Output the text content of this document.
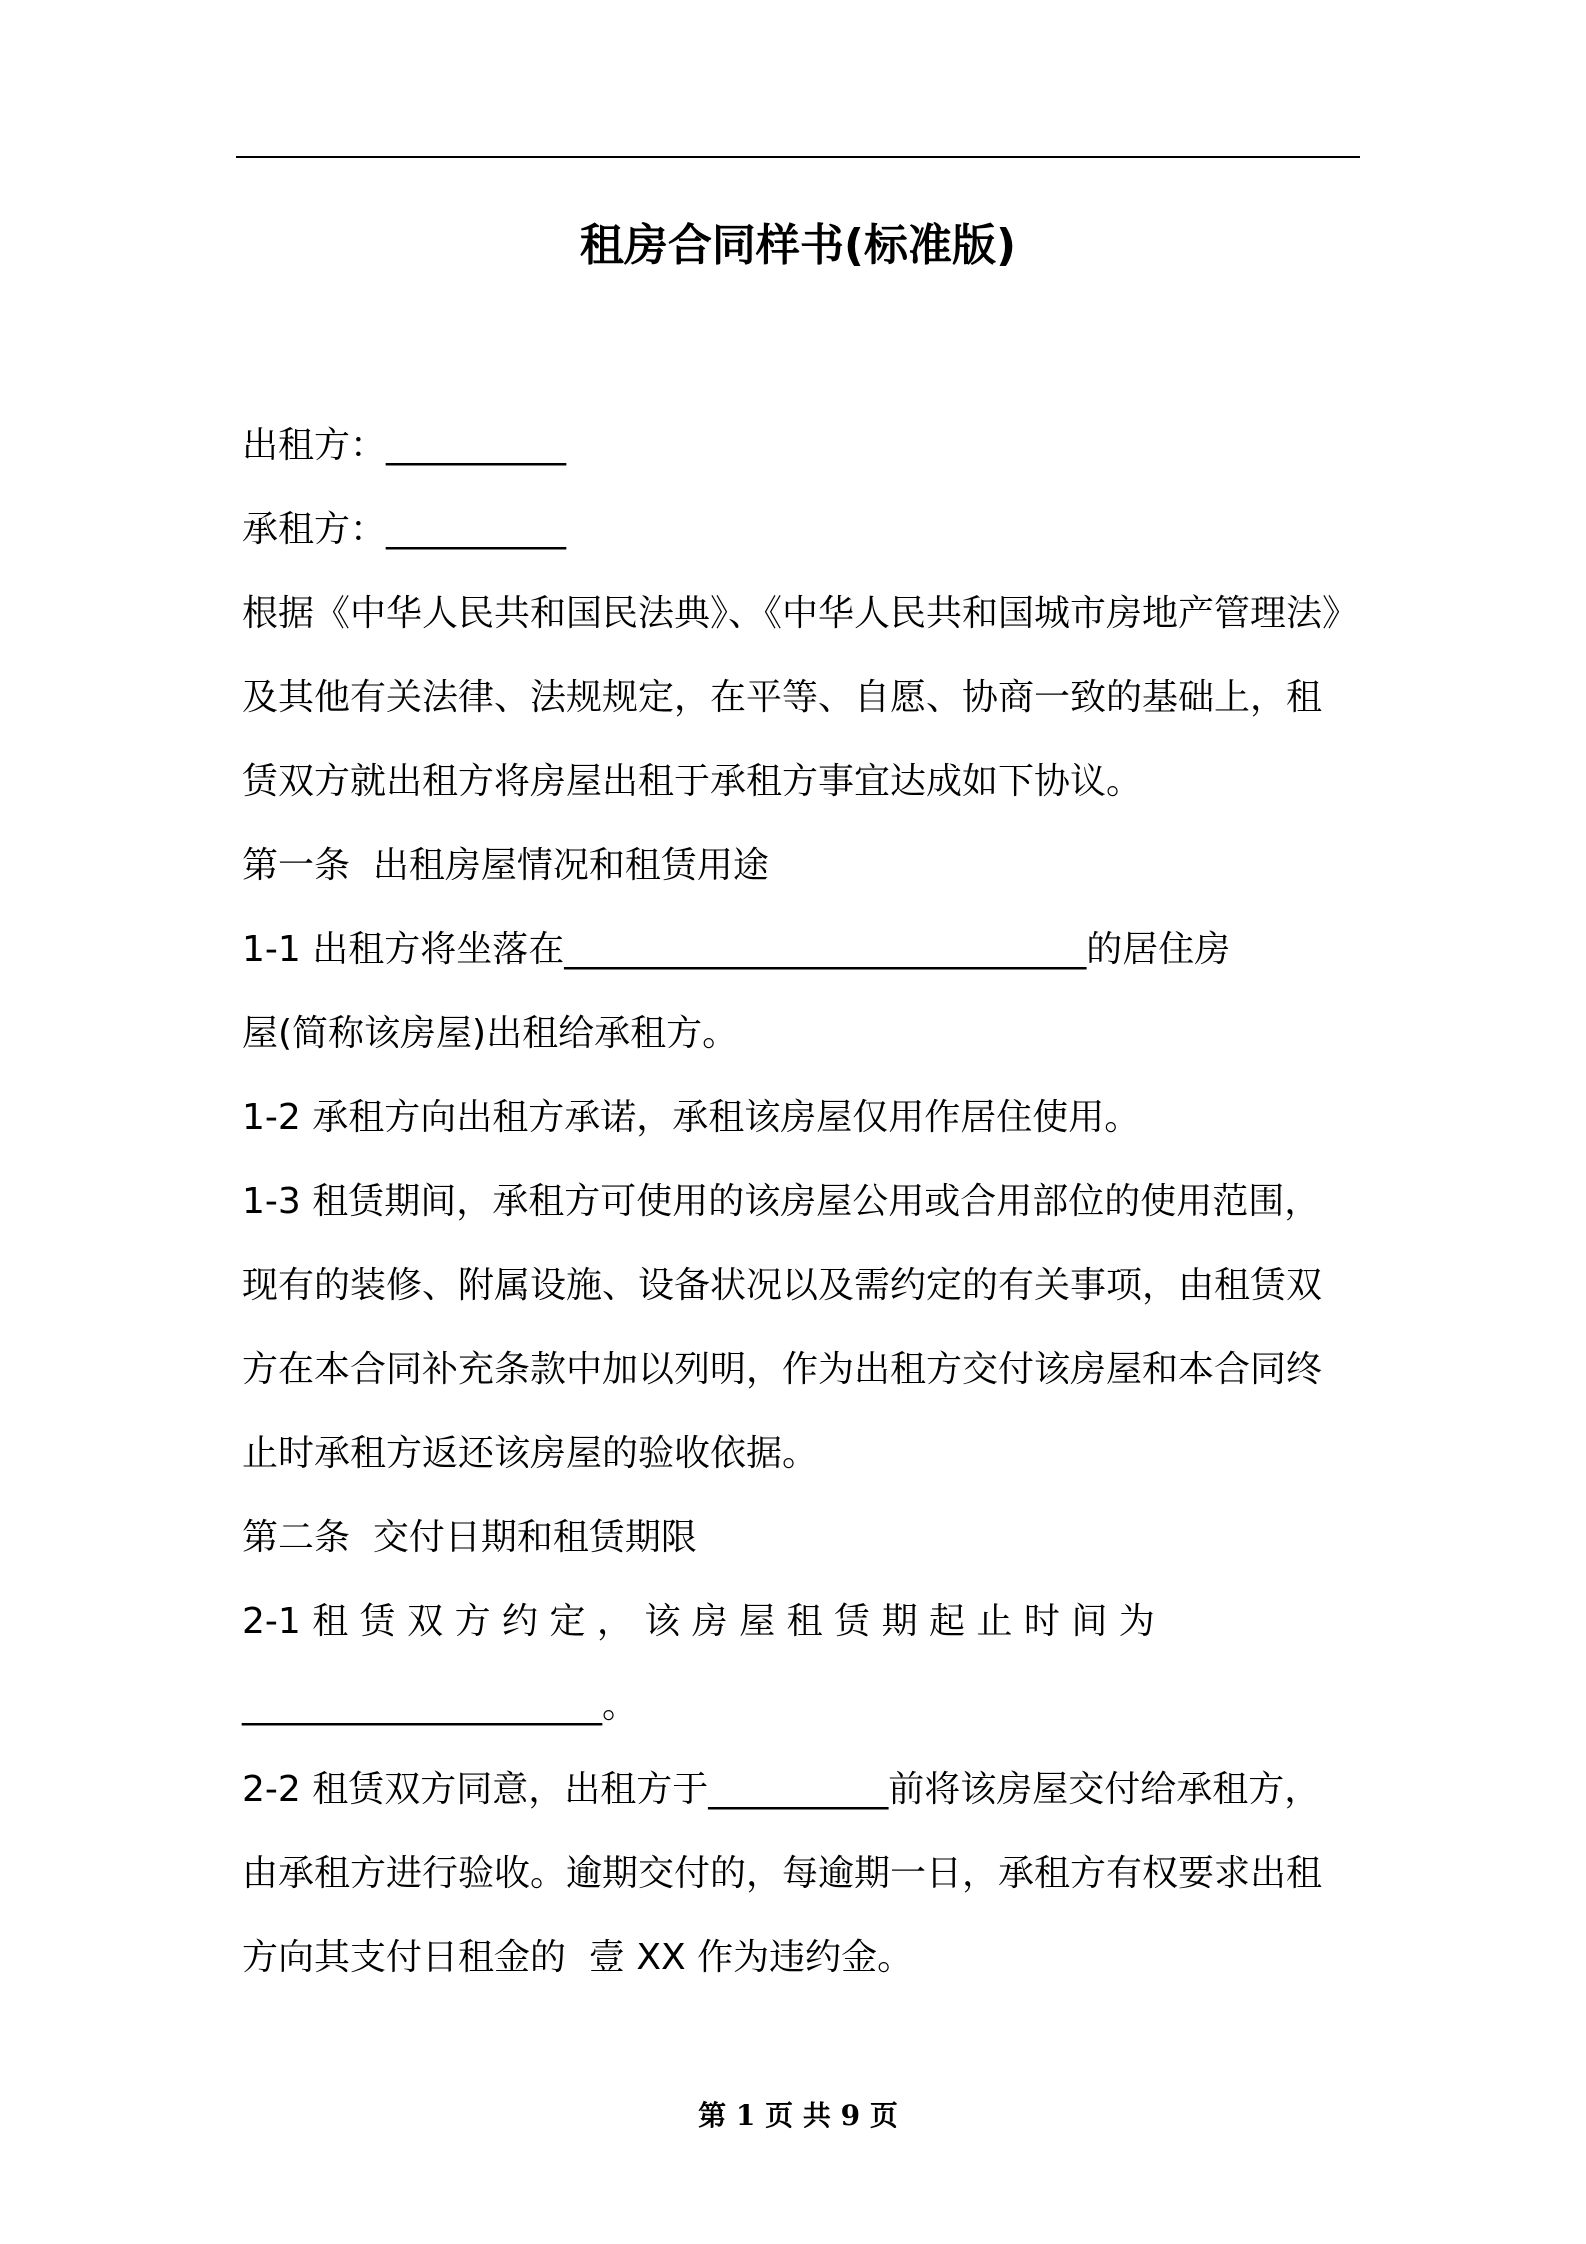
租房合同样书(标准版)
出租方：__________
承租方：__________
根据《中华人民共和国民法典》、《中华人民共和国城市房地产管理法》
及其他有关法律、法规规定，在平等、自愿、协商一致的基础上，租
赁双方就出租方将房屋出租于承租方事宜达成如下协议。
第一条  出租房屋情况和租赁用途
1-1 出租方将坐落在_____________________________的居住房
屋(简称该房屋)出租给承租方。
1-2 承租方向出租方承诺，承租该房屋仅用作居住使用。
1-3 租赁期间，承租方可使用的该房屋公用或合用部位的使用范围，
现有的装修、附属设施、设备状况以及需约定的有关事项，由租赁双
方在本合同补充条款中加以列明，作为出租方交付该房屋和本合同终
止时承租方返还该房屋的验收依据。
第二条  交付日期和租赁期限
2-1 租 赁 双 方 约 定 ， 该 房 屋 租 赁 期 起 止 时 间 为
____________________。
2-2 租赁双方同意，出租方于__________前将该房屋交付给承租方，
由承租方进行验收。逾期交付的，每逾期一日，承租方有权要求出租
方向其支付日租金的  壹 XX 作为违约金。
第 1 页 共 9 页
